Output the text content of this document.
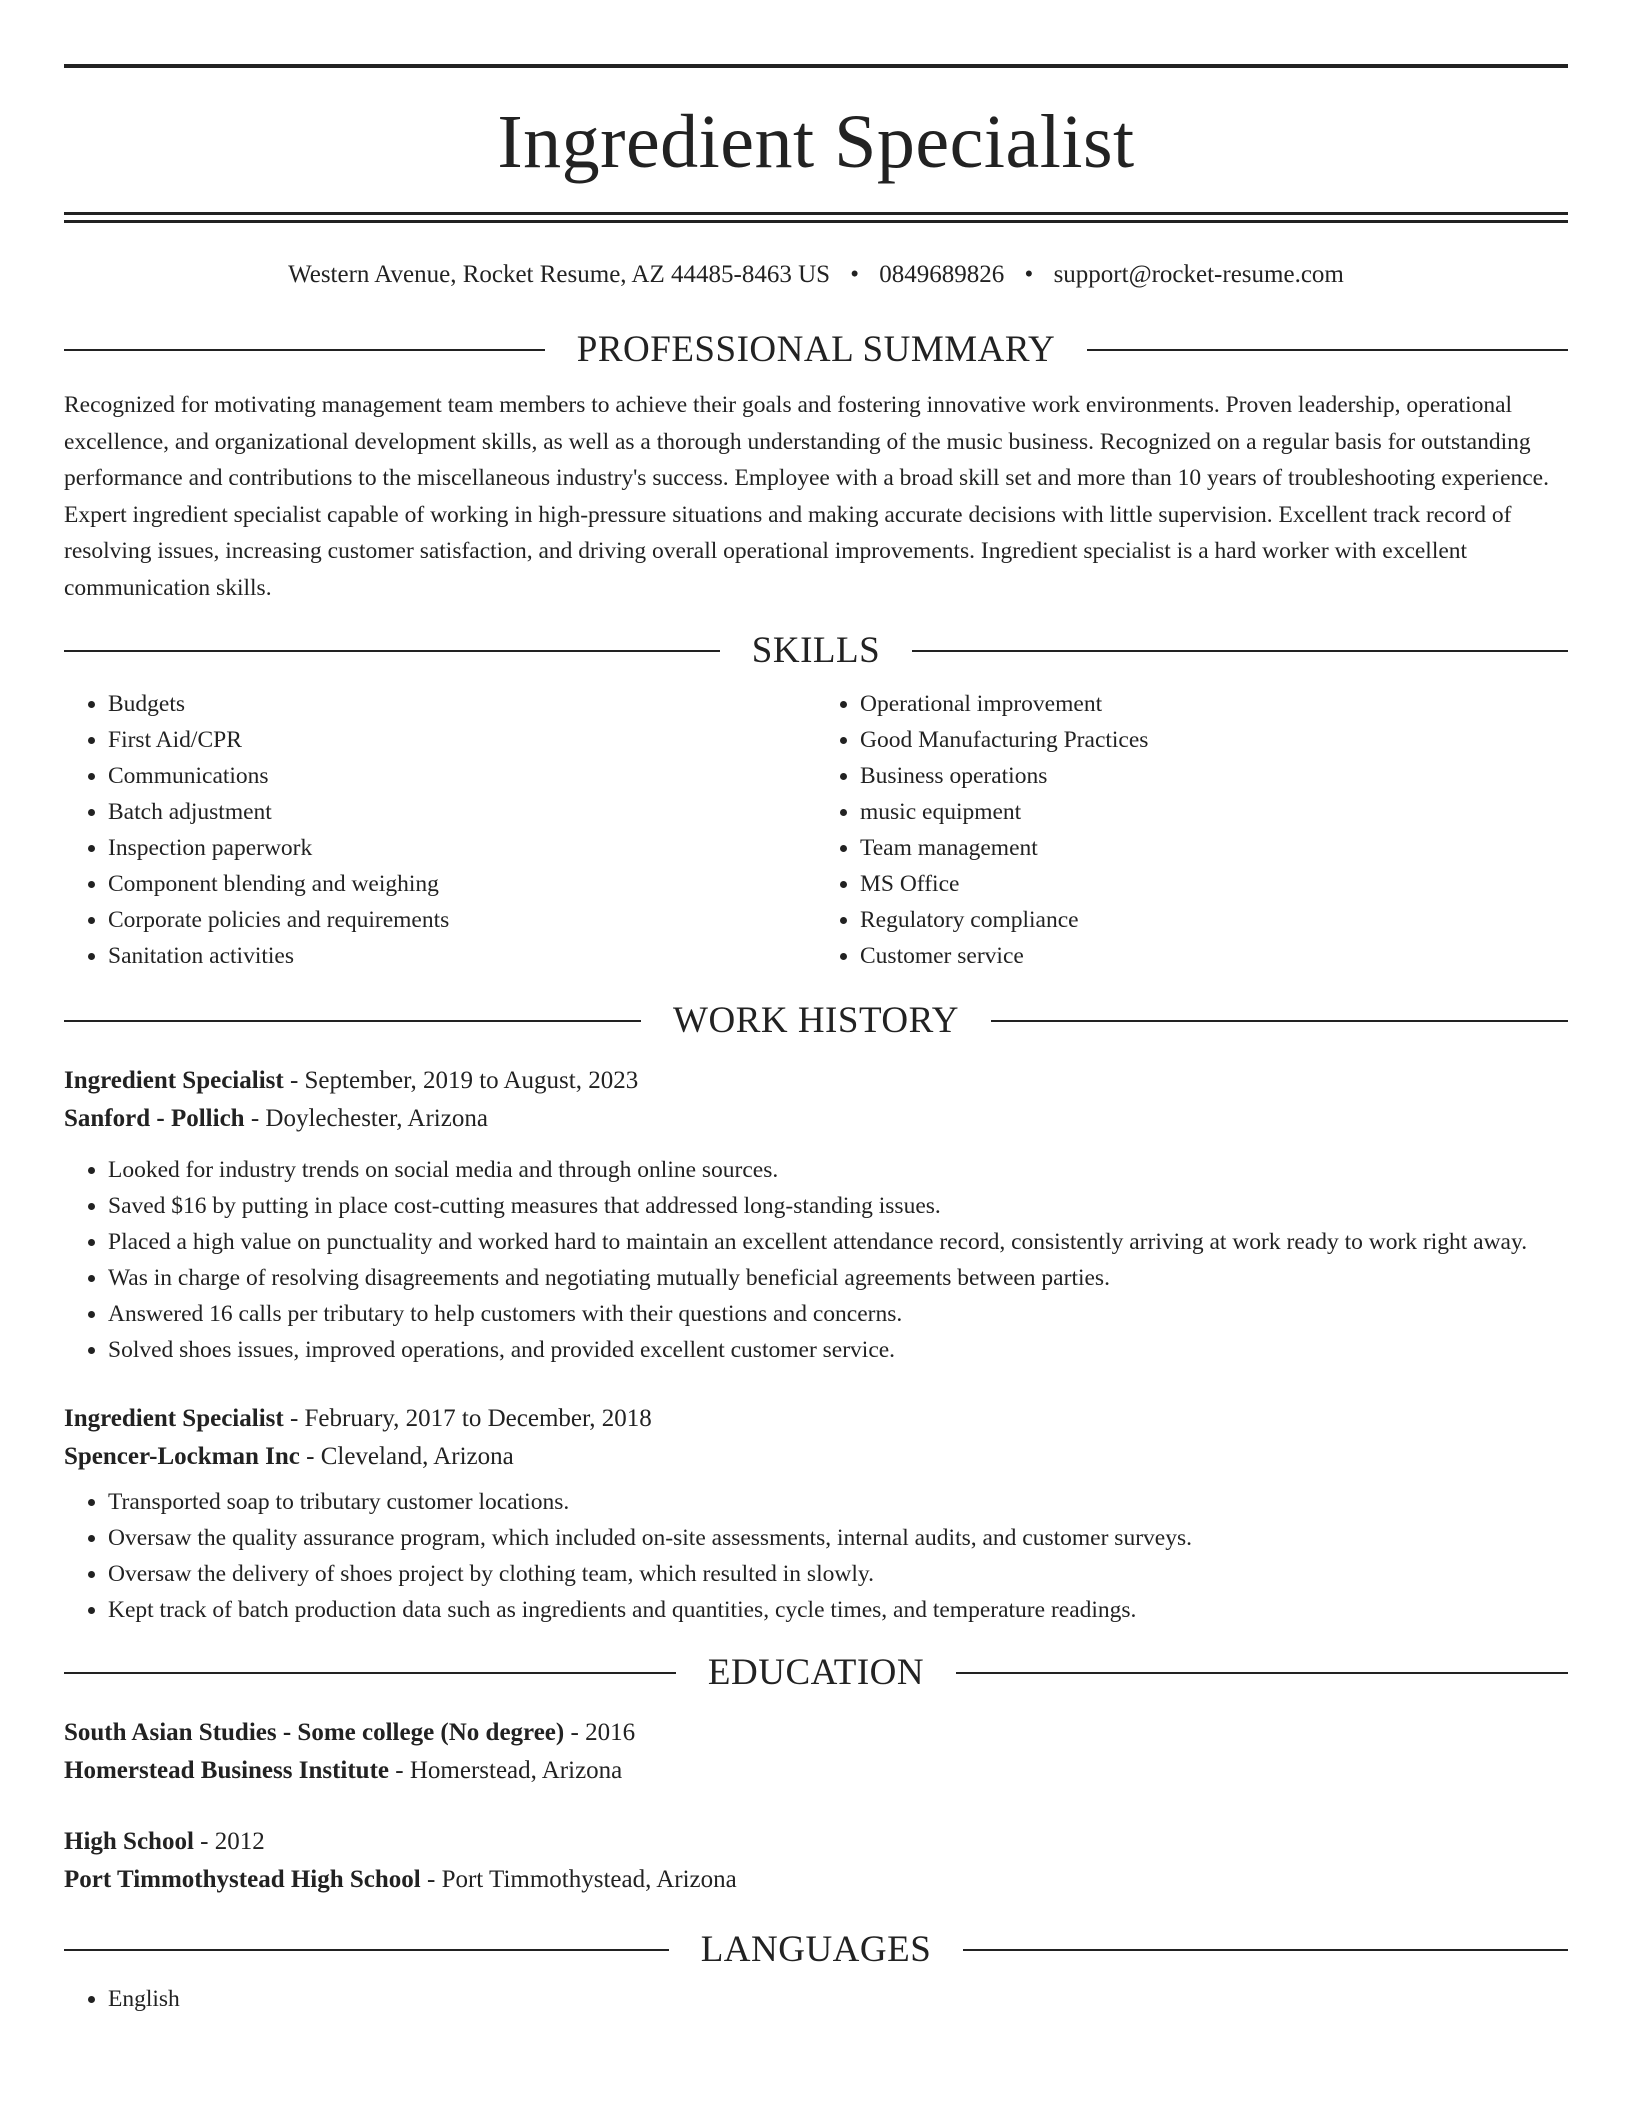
Ingredient Specialist
Western Avenue, Rocket Resume, AZ 44485-8463 US • 0849689826 • support@rocket-resume.com
PROFESSIONAL SUMMARY
Recognized for motivating management team members to achieve their goals and fostering innovative work environments. Proven leadership, operational excellence, and organizational development skills, as well as a thorough understanding of the music business. Recognized on a regular basis for outstanding performance and contributions to the miscellaneous industry's success. Employee with a broad skill set and more than 10 years of troubleshooting experience. Expert ingredient specialist capable of working in high-pressure situations and making accurate decisions with little supervision. Excellent track record of resolving issues, increasing customer satisfaction, and driving overall operational improvements. Ingredient specialist is a hard worker with excellent communication skills.
SKILLS
• Budgets
• First Aid/CPR
• Communications
• Batch adjustment
• Inspection paperwork
• Component blending and weighing
• Corporate policies and requirements
• Sanitation activities
• Operational improvement
• Good Manufacturing Practices
• Business operations
• music equipment
• Team management
• MS Office
• Regulatory compliance
• Customer service
WORK HISTORY
Ingredient Specialist - September, 2019 to August, 2023
Sanford - Pollich - Doylechester, Arizona
• Looked for industry trends on social media and through online sources.
• Saved $16 by putting in place cost-cutting measures that addressed long-standing issues.
• Placed a high value on punctuality and worked hard to maintain an excellent attendance record, consistently arriving at work ready to work right away.
• Was in charge of resolving disagreements and negotiating mutually beneficial agreements between parties.
• Answered 16 calls per tributary to help customers with their questions and concerns.
• Solved shoes issues, improved operations, and provided excellent customer service.
Ingredient Specialist - February, 2017 to December, 2018
Spencer-Lockman Inc - Cleveland, Arizona
• Transported soap to tributary customer locations.
• Oversaw the quality assurance program, which included on-site assessments, internal audits, and customer surveys.
• Oversaw the delivery of shoes project by clothing team, which resulted in slowly.
• Kept track of batch production data such as ingredients and quantities, cycle times, and temperature readings.
EDUCATION
South Asian Studies - Some college (No degree) - 2016
Homerstead Business Institute - Homerstead, Arizona
High School - 2012
Port Timmothystead High School - Port Timmothystead, Arizona
LANGUAGES
• English
